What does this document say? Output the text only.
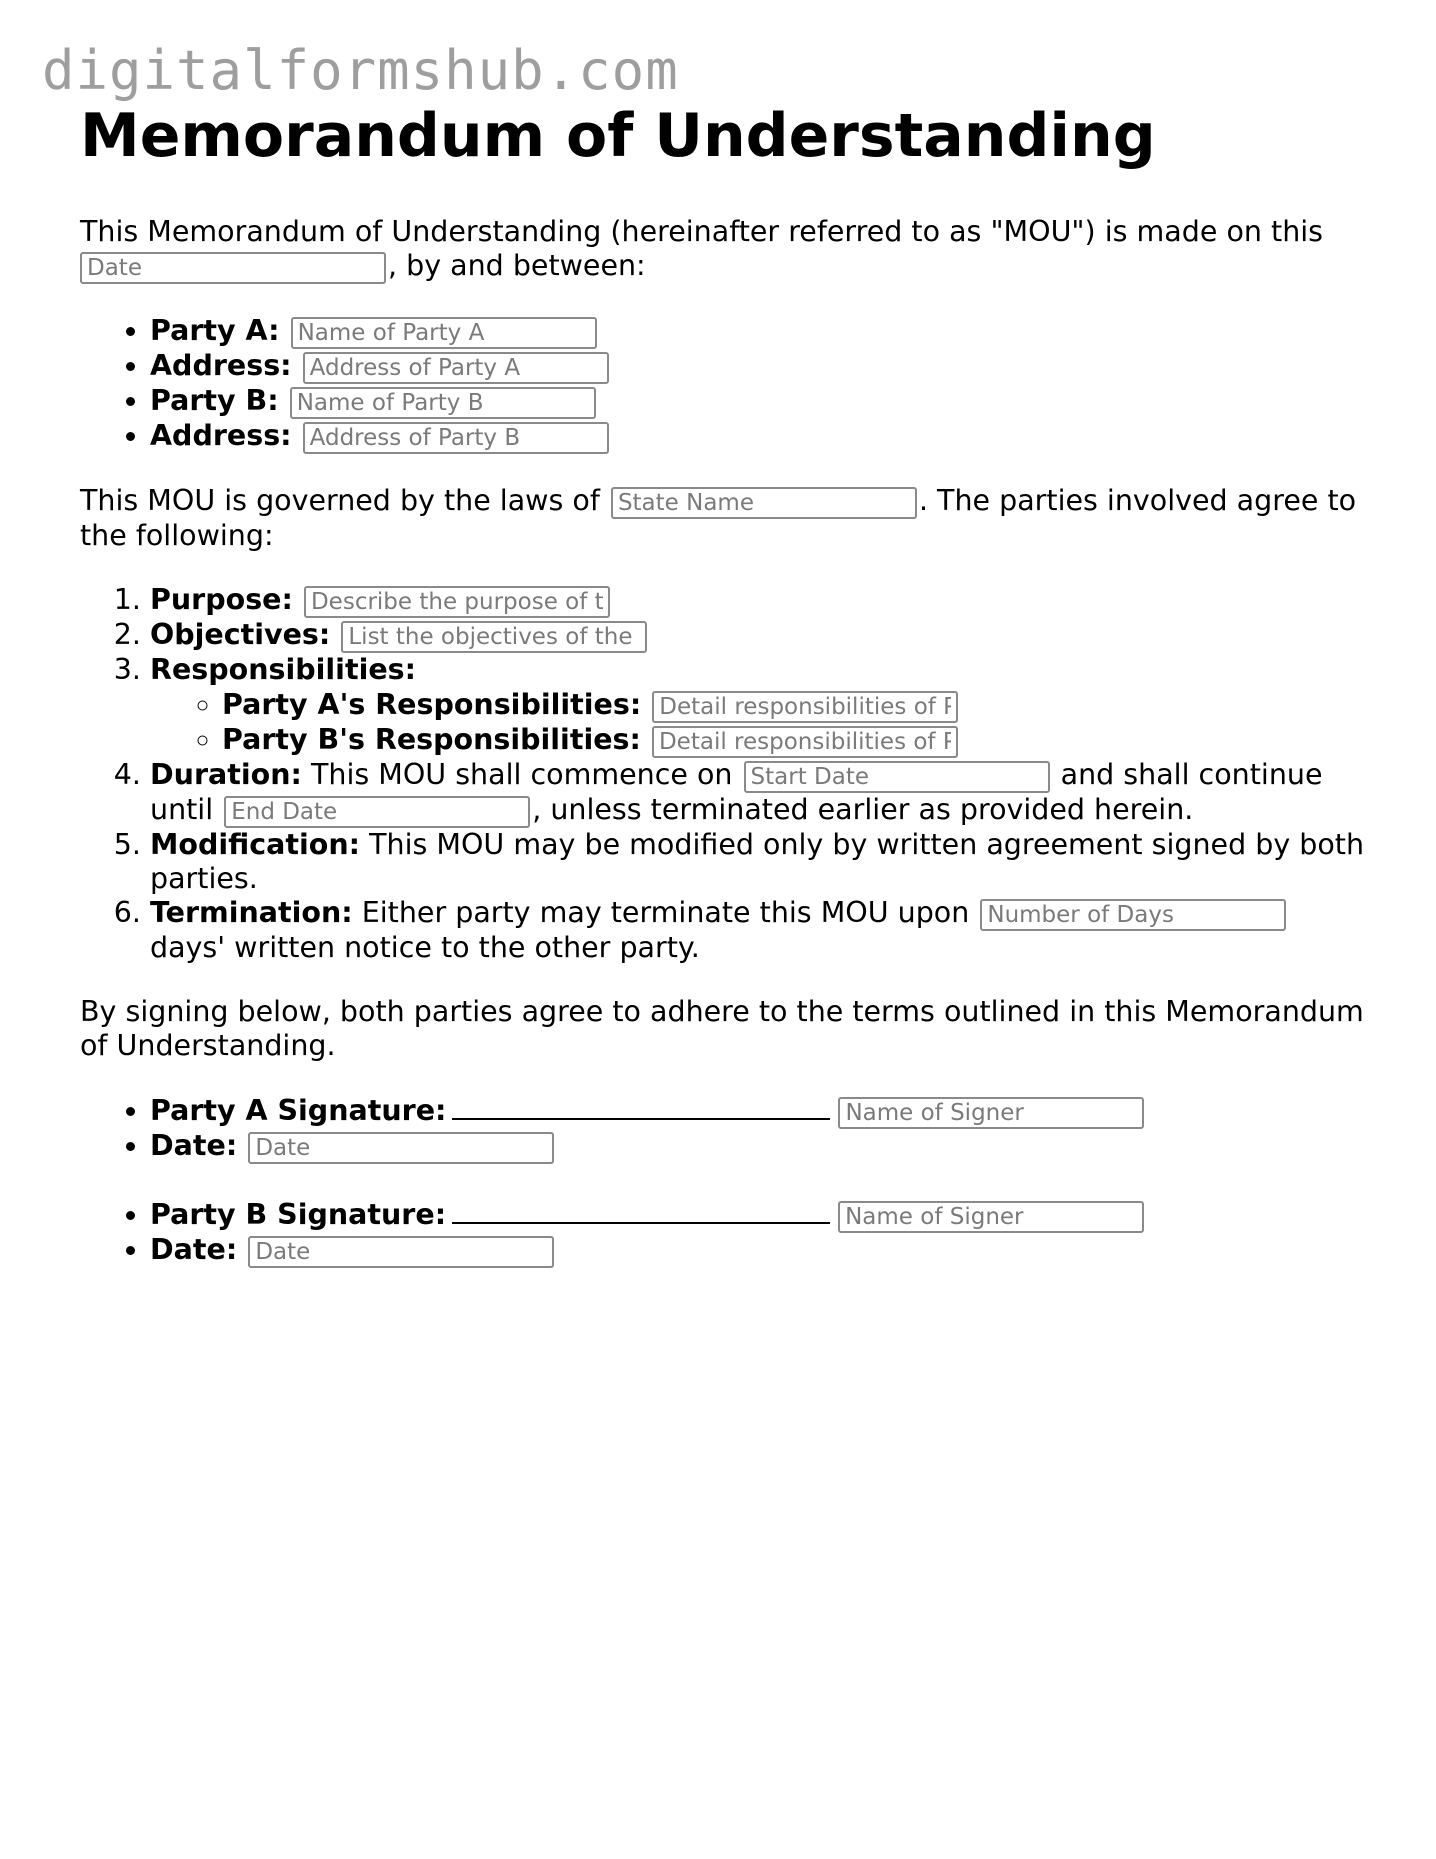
digitalformshub.com
Memorandum of Understanding

This Memorandum of Understanding (hereinafter referred to as "MOU") is made on this
Date, by and between:

• Party A: Name of Party A
• Address: Address of Party A
• Party B: Name of Party B
• Address: Address of Party B

This MOU is governed by the laws of State Name	. The parties involved agree to the following:

1. Purpose: Describe the purpose of the MOU
2. Objectives: List the objectives of the partnership
3. Responsibilities:
◦ Party A's Responsibilities: Detail responsibilities of Party A
◦ Party B's Responsibilities: Detail responsibilities of Party B
4. Duration: This MOU shall commence on Start Date	and shall continue until End Date	, unless terminated earlier as provided herein.
5. Modification: This MOU may be modified only by written agreement signed by both parties.
6. Termination: Either party may terminate this MOU upon Number of Days days' written notice to the other party.

By signing below, both parties agree to adhere to the terms outlined in this Memorandum of Understanding.

• Party A Signature:Name of Signer
• Date: Date
• Party B Signature:Name of Signer
• Date: Date
